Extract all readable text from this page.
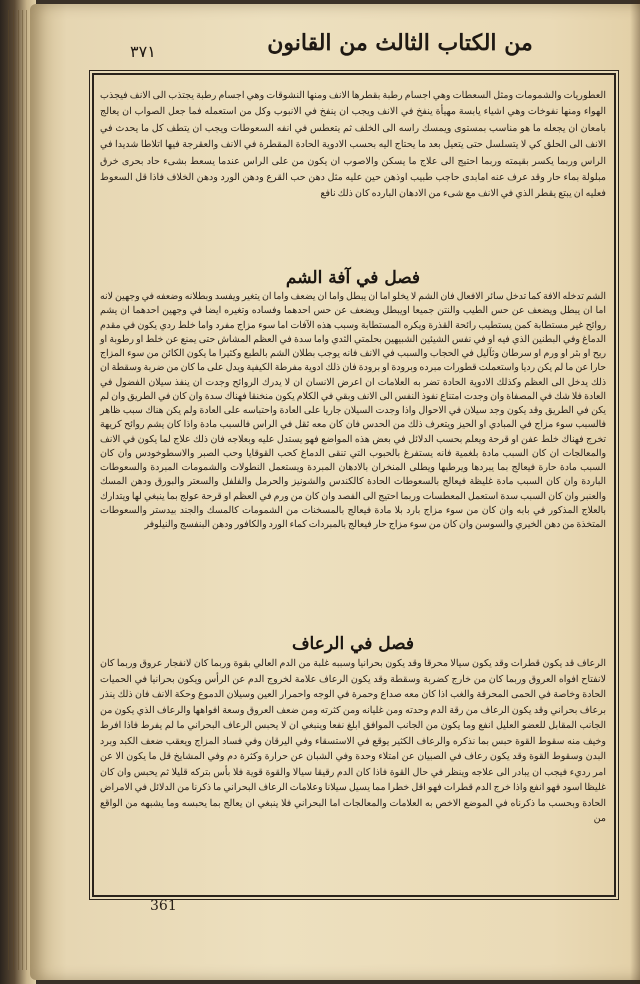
٣٧١	من الكتاب الثالث من القانون
العطوريات والشمومات ومثل السعطات وهي اجسام رطبة بقطرها الانف ومنها النشوقات وهي اجسام رطبة يجتذب الى الانف فيجذب الهواء ومنها نفوخات وهي اشياء يابسة مهيأة ينفخ في الانف ويجب ان ينفخ في الانبوب وكل من استعمله فما جعل الصواب ان يعالج بامعان ان يجعله ما هو مناسب بمستوى ويمسك راسه الى الخلف ثم يتعطس في انفه السعوطات ويجب ان يتطف كل ما يحدث في الانف الى الحلق كي لا يتسلسل حتى يتعيل بعد ما يحتاج اليه بحسب الادوية الحادة المقطرة في الانف والعقرجة فيها اتلاطا شديدا في الراس وربما يكسر بقيمته وربما احتيج الى علاج ما يسكن والاصوب ان يكون من على الراس عندما يسعط بشىء حاد بحرى خرق مبلولة بماء حار وقد عرف عنه امابدى حاجب طبيب اوذهن حين عليه مثل دهن حب القرع ودهن الورد ودهن الخلاف فاذا قل السعوط فعليه ان يبتع يقطر الذي في الانف مع شىء من الادهان البارده كان ذلك نافع
فصل في آفة الشم
الشم تدخله الافة كما تدخل سائر الافعال فان الشم لا يخلو اما ان يبطل واما ان يضعف واما ان يتغير ويفسد وبطلانه وضعفه في وجهين لانه اما ان يبطل ويضعف عن حس الطيب والنتن جميعا اويبطل ويضعف عن حس احدهما وفساده وتغيره ايضا في وجهين احدهما ان يشم روائح غير مستطابة كمن يستطيب رائحة القذرة ويكره المستطابة وسبب هذه الآفات اما سوء مزاج مفرد واما خلط ردي يكون في مقدم الدماغ وفي البطنين الذي فيه او في نفس الشيئين الشبيهين بحلمتي الثدي واما سدة في العظم المشاش حتى يمنع عن خلط او رطوبة او ريح او بثر او ورم او سرطان وثآليل في الحجاب والسبب في الانف فانه يوجب بطلان الشم بالطبع وكثيرا ما يكون الكائن من سوء المزاج حارا عن ما لم يكن رديا واستعملت قطورات مبرده وبرودة او برودة فان ذلك ادوية مفرطة الكيفية ويدل على ما كان من ضربة وسقطة ان ذلك يدخل الى العظم وكذلك الادوية الحادة تضر به العلامات ان اعرض الانسان ان لا يدرك الروائح وجدت ان ينفذ سيلان الفضول في العادة فلا شك في المصفاة وان وجدت امتناع نفوذ النفس الى الانف وبقي في الكلام يكون منخنقا فهناك سدة وان كان في الطريق وان لم يكن في الطريق وقد يكون وجد سيلان في الاحوال واذا وجدت السيلان جاريا على العادة واحتباسه على العادة ولم يكن هناك سبب ظاهر فالسبب سوء مزاج في المبادي او الحيز ويتعرف ذلك من الحدس فان كان معه ثقل في الراس فالسبب مادة واذا كان يشم روائح كريهة تخرج فهناك خلط عفن او قرحة ويعلم بحسب الدلائل في بعض هذه المواضع فهو يستدل عليه وبعلاجه فان ذلك علاج لما يكون في الانف والمعالجات ان كان السبب مادة بلغمية فانه يستفرغ بالحبوب التي تنقى الدماغ كحب القوقايا وحب الصبر والاسطوخودس وان كان السبب مادة حارة فيعالج بما يبردها ويرطبها ويطلى المنخران بالادهان المبردة ويستعمل النطولات والشمومات المبردة والسعوطات الباردة وان كان السبب مادة غليظة فيعالج بالسعوطات الحادة كالكندس والشونيز والحرمل والفلفل والسعتر والبورق ودهن المسك والعنبر وان كان السبب سدة استعمل المعطسات وربما احتيج الى الفصد وان كان من ورم في العظم او قرحة عولج بما ينبغي لها ويتدارك بالعلاج المذكور في بابه وان كان من سوء مزاج بارد بلا مادة فيعالج بالمسخنات من الشمومات كالمسك والجند بيدستر والسعوطات المتخذة من دهن الخيري والسوسن وان كان من سوء مزاج حار فيعالج بالمبردات كماء الورد والكافور ودهن البنفسج والنيلوفر
فصل في الرعاف
الرعاف قد يكون قطرات وقد يكون سيالا محرقا وقد يكون بحرانيا وسببه غلبة من الدم العالي بقوة وربما كان لانفجار عروق وربما كان لانفتاح افواه العروق وربما كان من خارج كضربة وسقطة وقد يكون الرعاف علامة لخروج الدم عن الرأس ويكون بحرانيا في الحميات الحادة وخاصة في الحمى المحرقة والغب اذا كان معه صداع وحمرة في الوجه واحمرار العين وسيلان الدموع وحكة الانف فان ذلك ينذر برعاف بحراني وقد يكون الرعاف من رقة الدم وحدته ومن غليانه ومن كثرته ومن ضعف العروق وسعة افواهها والرعاف الذي يكون من الجانب المقابل للعضو العليل انفع وما يكون من الجانب الموافق ابلغ نفعا وينبغي ان لا يحبس الرعاف البحراني ما لم يفرط فاذا افرط وخيف منه سقوط القوة حبس بما نذكره والرعاف الكثير يوقع في الاستسقاء وفي اليرقان وفي فساد المزاج ويعقب ضعف الكبد وبرد البدن وسقوط القوة وقد يكون رعاف في الصبيان عن امتلاء وحدة وفي الشبان عن حرارة وكثرة دم وفي المشايخ قل ما يكون الا عن امر رديء فيجب ان يبادر الى علاجه وينظر في حال القوة فاذا كان الدم رقيقا سيالا والقوة قوية فلا بأس بتركه قليلا ثم يحبس وان كان غليظا اسود فهو انفع واذا خرج الدم قطرات فهو اقل خطرا مما يسيل سيلانا وعلامات الرعاف البحراني ما ذكرنا من الدلائل في الامراض الحادة وبحسب ما ذكرناه في الموضع الاخص به العلامات والمعالجات اما البحراني فلا ينبغي ان يعالج بما يحبسه وما يشبهه من الواقع من
361
